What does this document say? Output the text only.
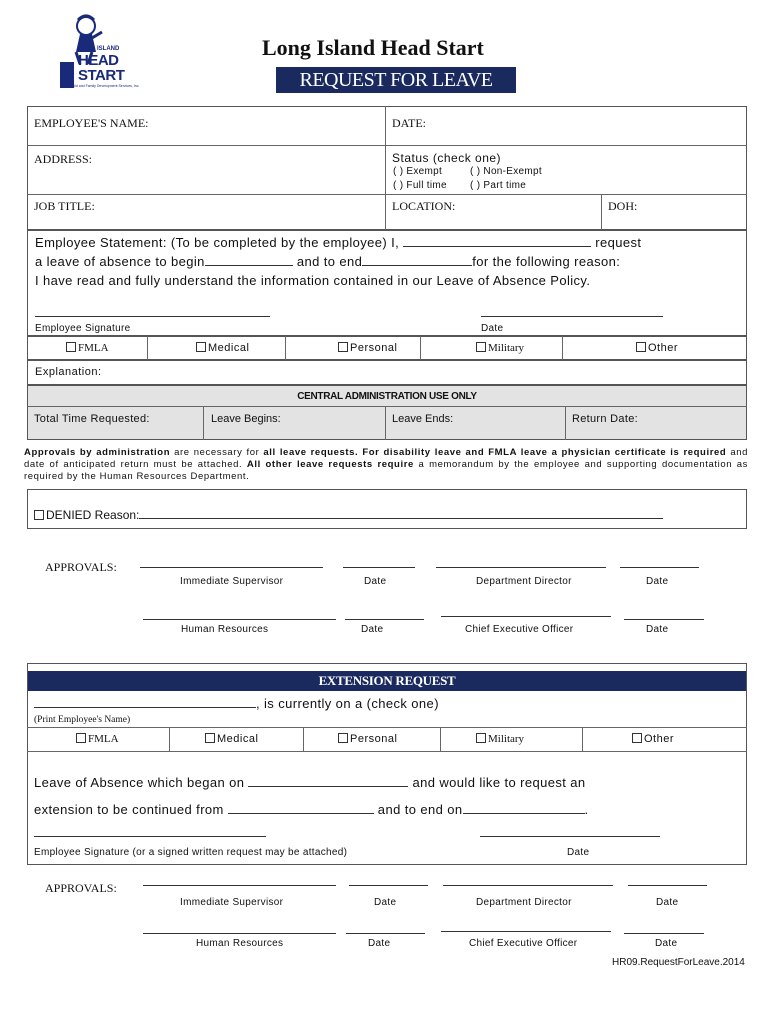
LONG ISLAND
HEAD
START
L.I. Child and Family Development Services, Inc.
Long Island Head Start
REQUEST FOR LEAVE
EMPLOYEE'S NAME:	DATE:
ADDRESS:	Status (check one)
( ) Exempt	( ) Non-Exempt
( ) Full time ( ) Part time
JOB TITLE:	LOCATION:	DOH:
Employee Statement: (To be completed by the employee) I,	request
a leave of absence to begin	and to end	for the following reason:
I have read and fully understand the information contained in our Leave of Absence Policy.
Employee Signature	Date
FMLA	Medical	Personal	Military	Other
Explanation:
CENTRAL ADMINISTRATION USE ONLY
Total Time Requested:	Leave Begins:	Leave Ends:	Return Date:
Approvals by administration are necessary for all leave requests. For disability leave and FMLA leave a physician certificate is required and date of anticipated return must be attached. All other leave requests require a memorandum by the employee and supporting documentation as required by the Human Resources Department.
DENIED Reason:
APPROVALS:
Immediate Supervisor	Date	Department Director	Date
Human Resources	Date	Chief Executive Officer	Date
EXTENSION REQUEST
, is currently on a (check one)
(Print Employee's Name)
FMLA	Medical	Personal	Military	Other
Leave of Absence which began on	and would like to request an
extension to be continued from	and to end on	.
Employee Signature (or a signed written request may be attached)	Date
APPROVALS:
Immediate Supervisor	Date	Department Director	Date
Human Resources	Date	Chief Executive Officer	Date
HR09.RequestForLeave.2014
